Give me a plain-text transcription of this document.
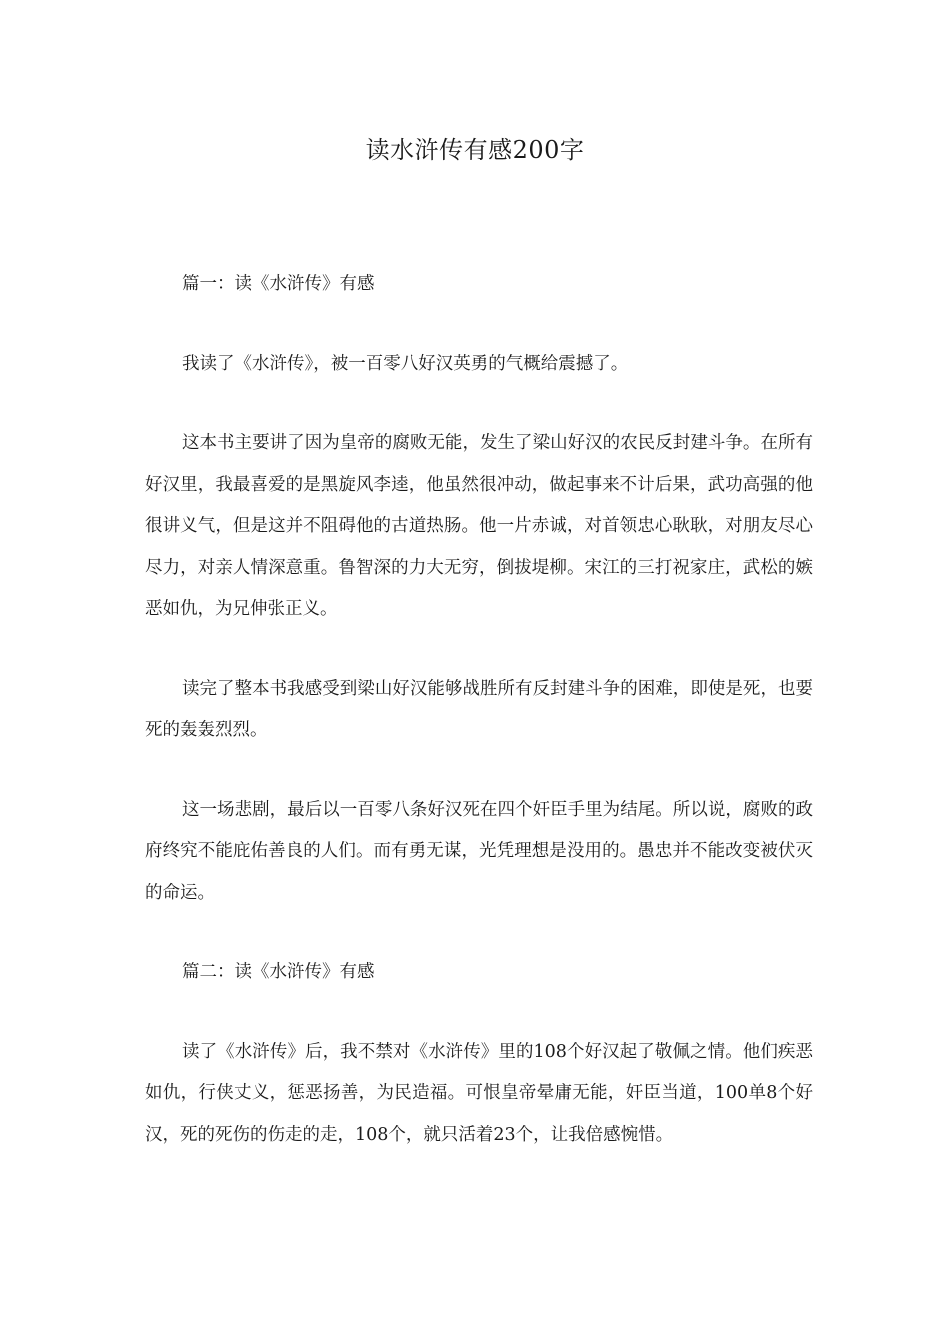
读水浒传有感200字

篇一：读《水浒传》有感

我读了《水浒传》，被一百零八好汉英勇的气概给震撼了。

这本书主要讲了因为皇帝的腐败无能，发生了梁山好汉的农民反封建斗争。在所有好汉里，我最喜爱的是黑旋风李逵，他虽然很冲动，做起事来不计后果，武功高强的他很讲义气，但是这并不阻碍他的古道热肠。他一片赤诚，对首领忠心耿耿，对朋友尽心尽力，对亲人情深意重。鲁智深的力大无穷，倒拔堤柳。宋江的三打祝家庄，武松的嫉恶如仇，为兄伸张正义。

读完了整本书我感受到梁山好汉能够战胜所有反封建斗争的困难，即使是死，也要死的轰轰烈烈。

这一场悲剧，最后以一百零八条好汉死在四个奸臣手里为结尾。所以说，腐败的政府终究不能庇佑善良的人们。而有勇无谋，光凭理想是没用的。愚忠并不能改变被伏灭的命运。

篇二：读《水浒传》有感

读了《水浒传》后，我不禁对《水浒传》里的108个好汉起了敬佩之情。他们疾恶如仇，行侠丈义，惩恶扬善，为民造福。可恨皇帝晕庸无能，奸臣当道，100单8个好汉，死的死伤的伤走的走，108个，就只活着23个，让我倍感惋惜。
